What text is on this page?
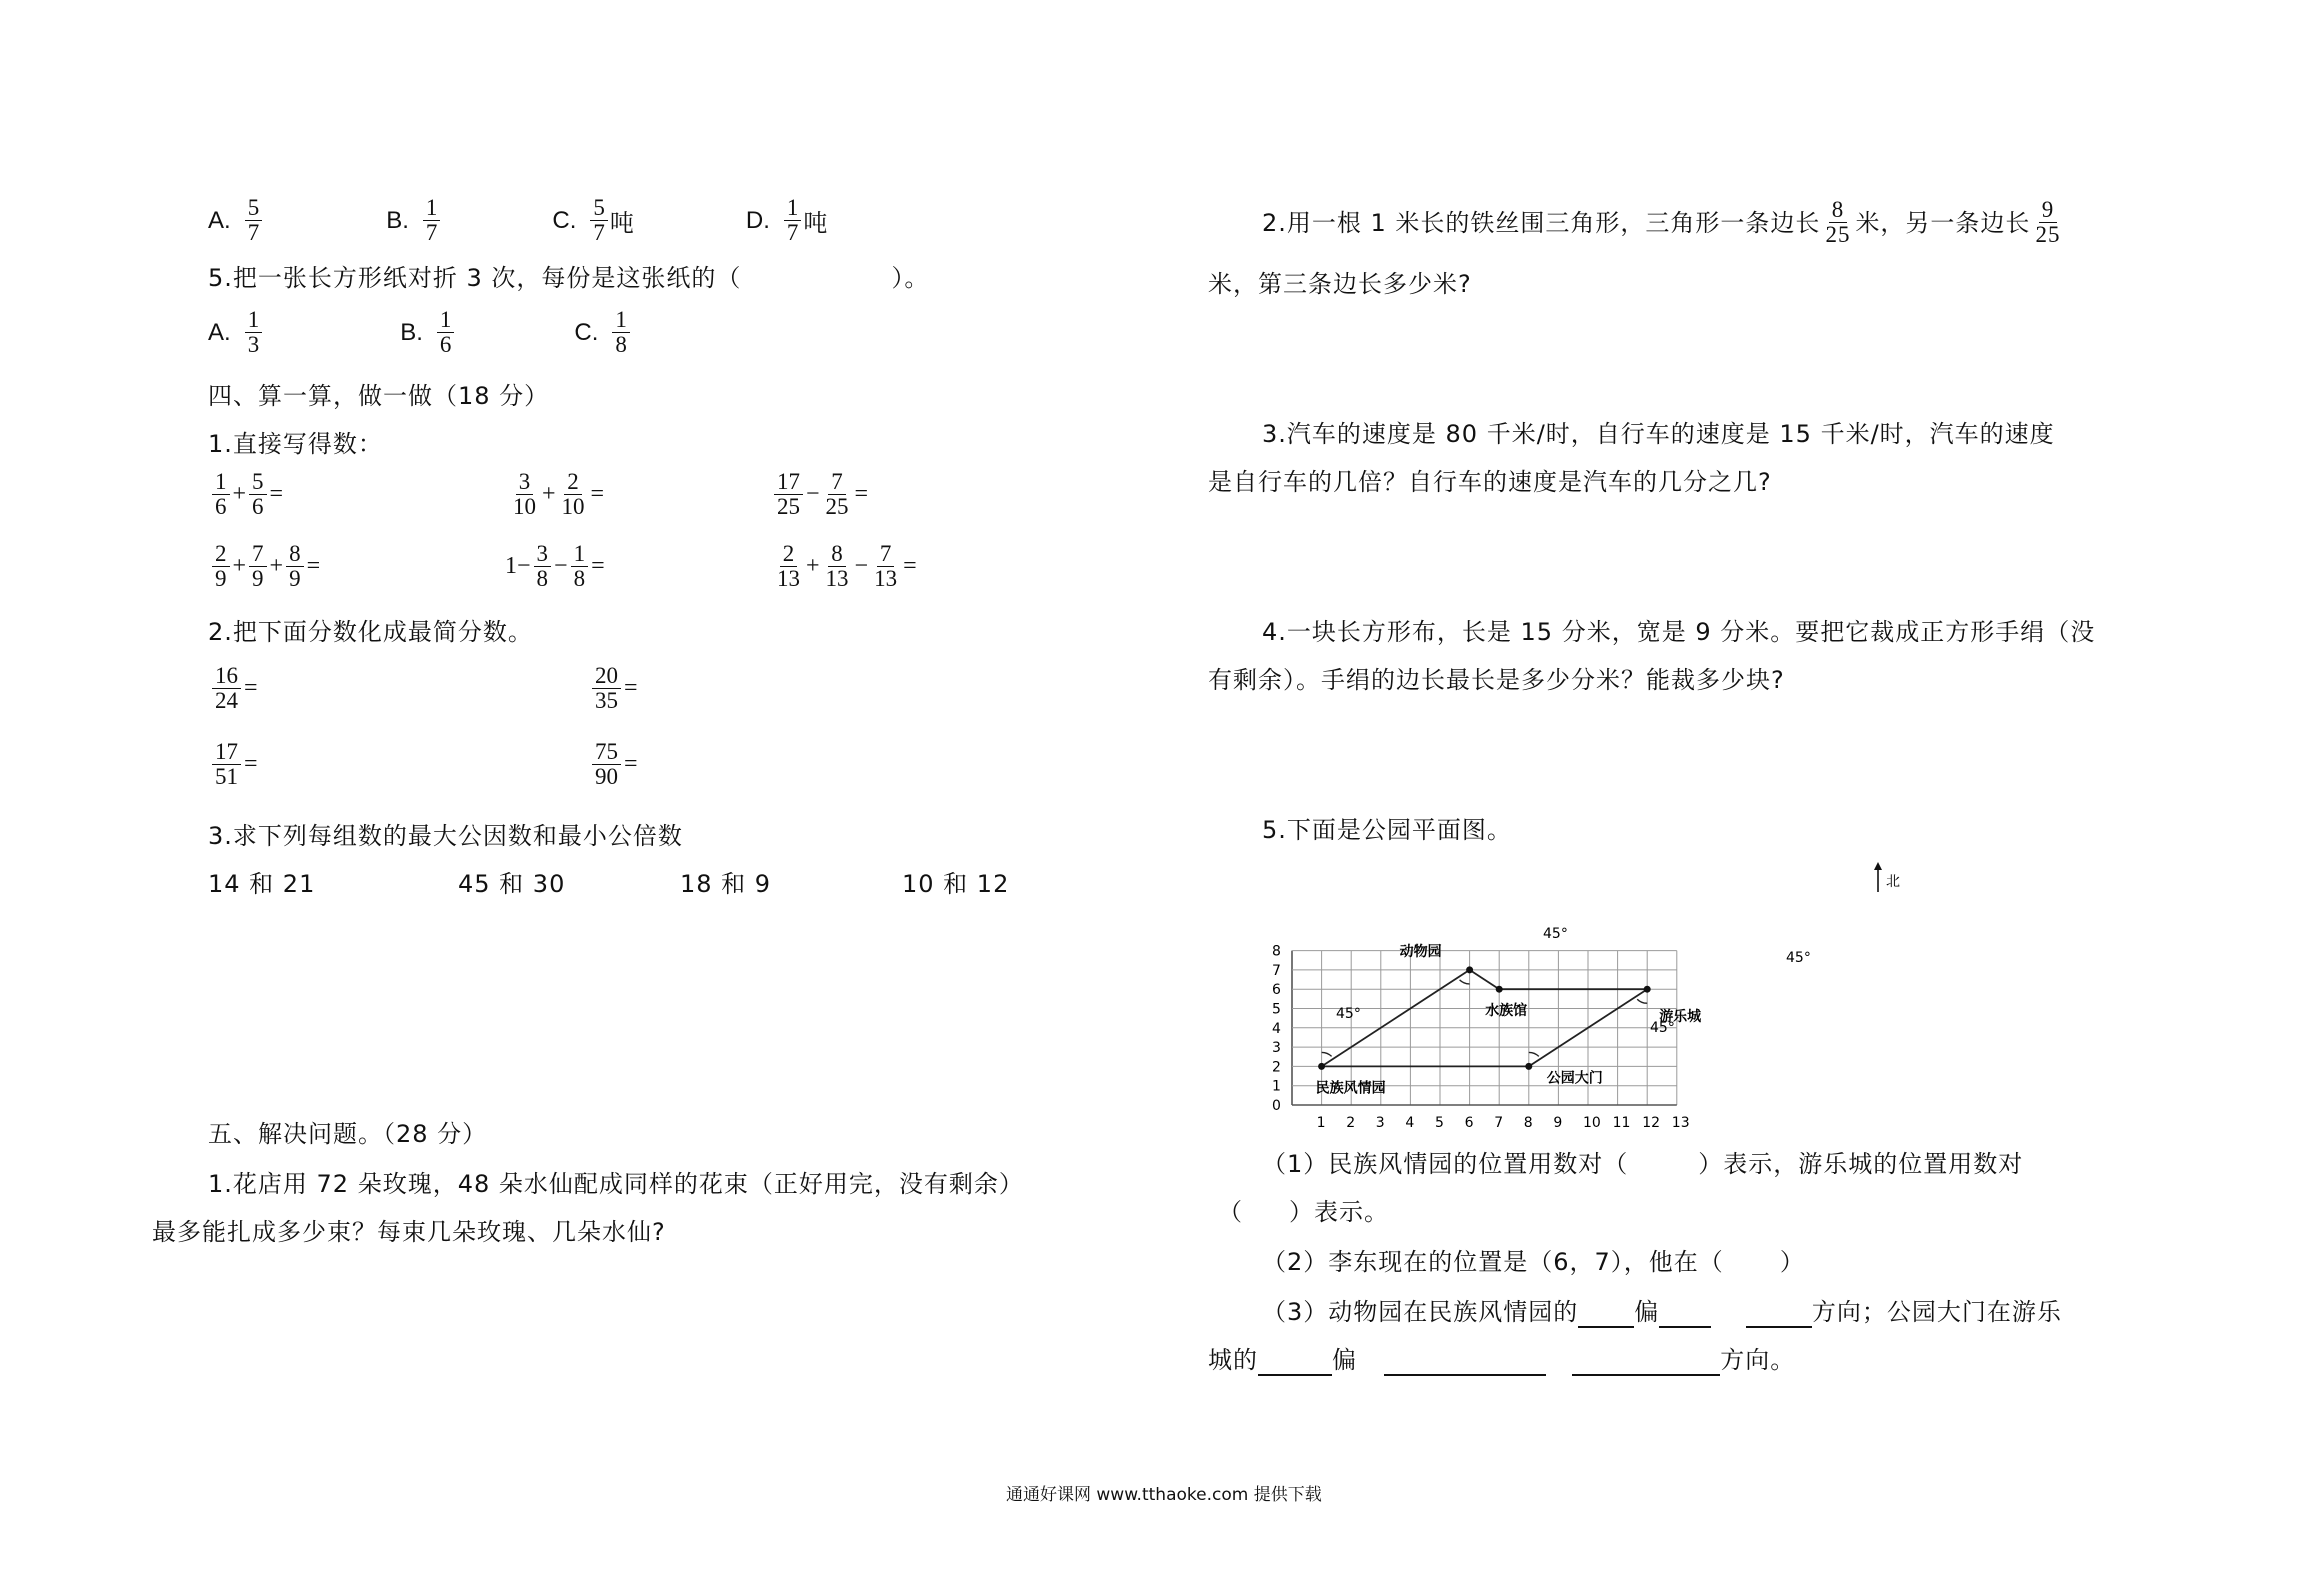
A. $\frac{5}{7}$	B. $\frac{1}{7}$	C. $\frac{5}{7}$ 吨	D. $\frac{1}{7}$ 吨
5.把一张长方形纸对折 3 次，每份是这张纸的（	）。
A. $\frac{1}{3}$	B. $\frac{1}{6}$	C. $\frac{1}{8}$
四、算一算，做一做（18 分）
1.直接写得数：
$\frac{1}{6} + \frac{5}{6}$ =	$\frac{3}{10} + \frac{2}{10}$ =	$\frac{17}{25} - \frac{7}{25}$ =
$\frac{2}{9} + \frac{7}{9} + \frac{8}{9}$ =	$1- \frac{3}{8} - \frac{1}{8}$ =	$\frac{2}{13} + \frac{8}{13} - \frac{7}{13}$ =
2.把下面分数化成最简分数。
$\frac{16}{24}$ =	$\frac{20}{35}$ =
$\frac{17}{51}$ =	$\frac{75}{90}$ =
3.求下列每组数的最大公因数和最小公倍数
14 和 21	45 和 30	18 和 9	10 和 12
五、解决问题。（28 分）
1.花店用 72 朵玫瑰，48 朵水仙配成同样的花束（正好用完，没有剩余）
最多能扎成多少束？每束几朵玫瑰、几朵水仙?
2.用一根 1 米长的铁丝围三角形，三角形一条边长 $\frac{8}{25}$ 米，另一条边长 $\frac{9}{25}$
米，第三条边长多少米?
3.汽车的速度是 80 千米/时，自行车的速度是 15 千米/时，汽车的速度
是自行车的几倍？自行车的速度是汽车的几分之几?
4.一块长方形布，长是 15 分米，宽是 9 分米。要把它裁成正方形手绢（没
有剩余）。手绢的边长最长是多少分米？能裁多少块?
5.下面是公园平面图。
0
1 2 3 4 5 6 7 8 9 10 11 12 13
1
2
3
4
5
6
7
8	动物园
水族馆	游乐城
公园大门
民族风情园
北
45°
45°
45°
45°
（1）民族风情园的位置用数对（	）表示，游乐城的位置用数对
（ ）表示。
（2）李东现在的位置是（6，7），他在（ ）
（3）动物园在民族风情园的 偏	方向；公园大门在游乐
城的	偏	方向。
通通好课网 www.tthaoke.com 提供下载
